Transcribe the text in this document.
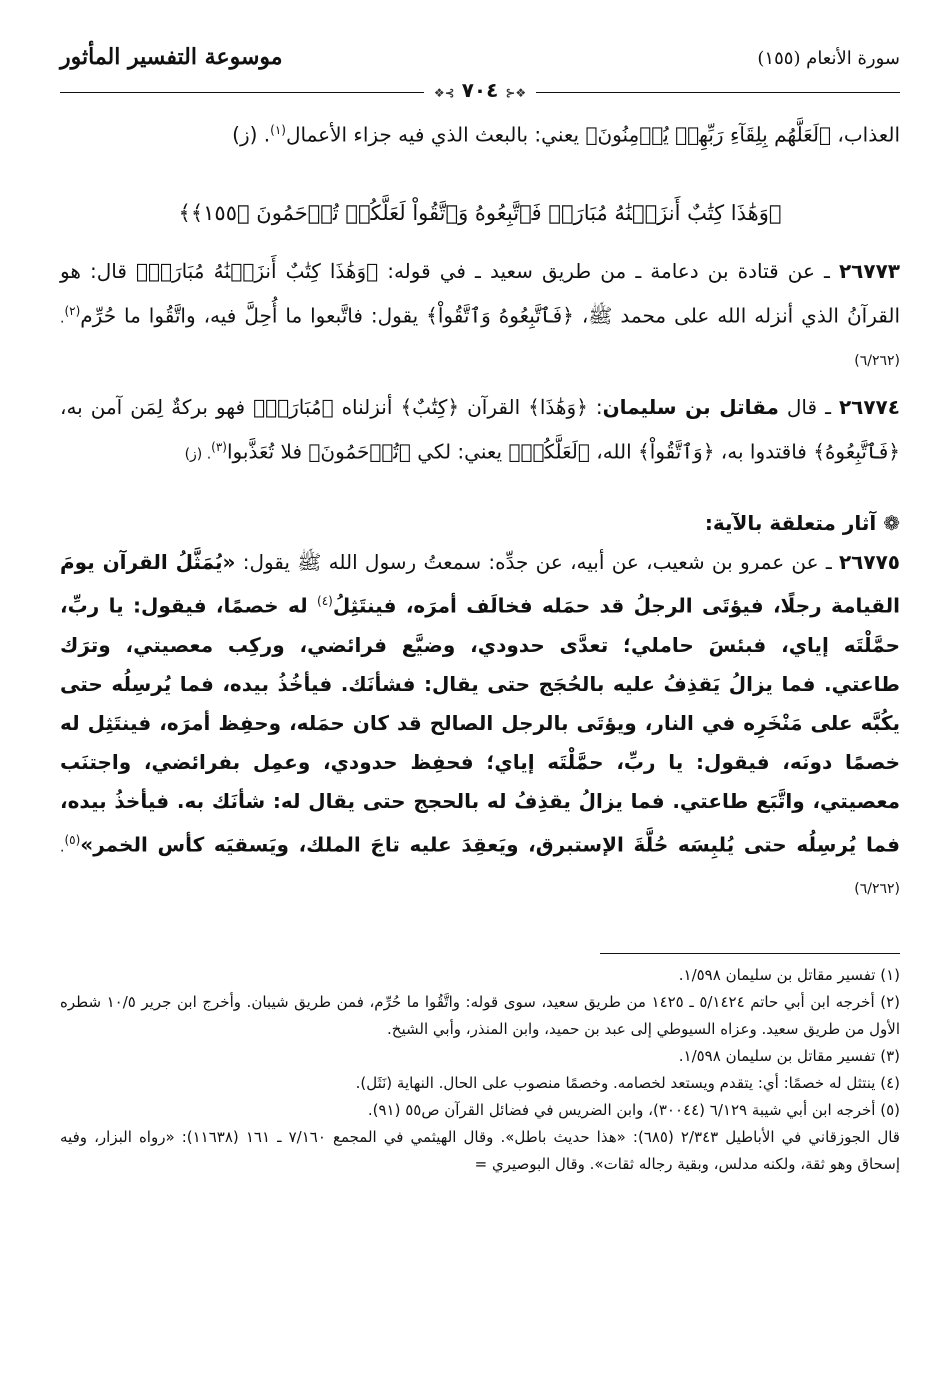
سورة الأنعام (١٥٥)
موسوعة التفسير المأثور
❖⊰ ٧٠٤ ⊱❖

العذاب، ﴿لَعَلَّهُم بِلِقَآءِ رَبِّهِمۡ يُؤۡمِنُونَ﴾ يعني: بالبعث الذي فيه جزاء الأعمال$^{(١)}$. (ز)

﴿وَهَٰذَا كِتَٰبٌ أَنزَلۡنَٰهُ مُبَارَكٞ فَٱتَّبِعُوهُ وَٱتَّقُواْ لَعَلَّكُمۡ تُرۡحَمُونَ ﴿١٥٥﴾﴾

٢٦٧٧٣ ـ عن قتادة بن دعامة ـ من طريق سعيد ـ في قوله: ﴿وَهَٰذَا كِتَٰبٌ أَنزَلۡنَٰهُ مُبَارَكٞ﴾ قال: هو القرآنُ الذي أنزله الله على محمد ﷺ، ﴿فَٱتَّبِعُوهُ وَٱتَّقُواْ﴾ يقول: فاتَّبعوا ما أُحِلَّ فيه، واتَّقُوا ما حُرِّم$^{(٢)}$. (٦/٢٦٢)

٢٦٧٧٤ ـ قال مقاتل بن سليمان: ﴿وَهَٰذَا﴾ القرآن ﴿كِتَٰبٌ﴾ أنزلناه ﴿مُبَارَكٞ﴾ فهو بركةٌ لِمَن آمن به، ﴿فَٱتَّبِعُوهُ﴾ فاقتدوا به، ﴿وَٱتَّقُواْ﴾ الله، ﴿لَعَلَّكُمۡ﴾ يعني: لكي ﴿تُرۡحَمُونَ﴾ فلا تُعَذَّبوا$^{(٣)}$. (ز)

❁ آثار متعلقة بالآية:

٢٦٧٧٥ ـ عن عمرو بن شعيب، عن أبيه، عن جدِّه: سمعتُ رسول الله ﷺ يقول: «يُمَثَّلُ القرآن يومَ القيامة رجلًا، فيؤتَى الرجلُ قد حمَله فخالَف أمرَه، فينتَثِلُ$^{(٤)}$ له خصمًا، فيقول: يا ربِّ، حمَّلْتَه إياي، فبئسَ حاملي؛ تعدَّى حدودي، وضيَّع فرائضي، وركِب معصيتي، وترَك طاعتي. فما يزالُ يَقذِفُ عليه بالحُجَج حتى يقال: فشأنَك. فيأخُذُ بيده، فما يُرسِلُه حتى يكُبَّه على مَنْخَرِه في النار، ويؤتَى بالرجل الصالح قد كان حمَله، وحفِظ أمرَه، فينتَثِل له خصمًا دونَه، فيقول: يا ربِّ، حمَّلْتَه إياي؛ فحفِظ حدودي، وعمِل بفرائضي، واجتنَب معصيتي، واتَّبَع طاعتي. فما يزالُ يقذِفُ له بالحجج حتى يقال له: شأنَك به. فيأخذُ بيده، فما يُرسِلُه حتى يُلبِسَه حُلَّةَ الإستبرق، ويَعقِدَ عليه تاجَ الملك، ويَسقيَه كأس الخمر»$^{(٥)}$. (٦/٢٦٢)

(١) تفسير مقاتل بن سليمان ١/٥٩٨.

(٢) أخرجه ابن أبي حاتم ٥/١٤٢٤ ـ ١٤٢٥ من طريق سعيد، سوى قوله: واتَّقُوا ما حُرِّم، فمن طريق شيبان. وأخرج ابن جرير ١٠/٥ شطره الأول من طريق سعيد. وعزاه السيوطي إلى عبد بن حميد، وابن المنذر، وأبي الشيخ.

(٣) تفسير مقاتل بن سليمان ١/٥٩٨.

(٤) ينتثل له خصمًا: أي: يتقدم ويستعد لخصامه. وخصمًا منصوب على الحال. النهاية (نَثَل).

(٥) أخرجه ابن أبي شيبة ٦/١٢٩ (٣٠٠٤٤)، وابن الضريس في فضائل القرآن ص٥٥ (٩١).

قال الجوزقاني في الأباطيل ٢/٣٤٣ (٦٨٥): «هذا حديث باطل». وقال الهيثمي في المجمع ٧/١٦٠ ـ ١٦١ (١١٦٣٨): «رواه البزار، وفيه إسحاق وهو ثقة، ولكنه مدلس، وبقية رجاله ثقات». وقال البوصيري =
